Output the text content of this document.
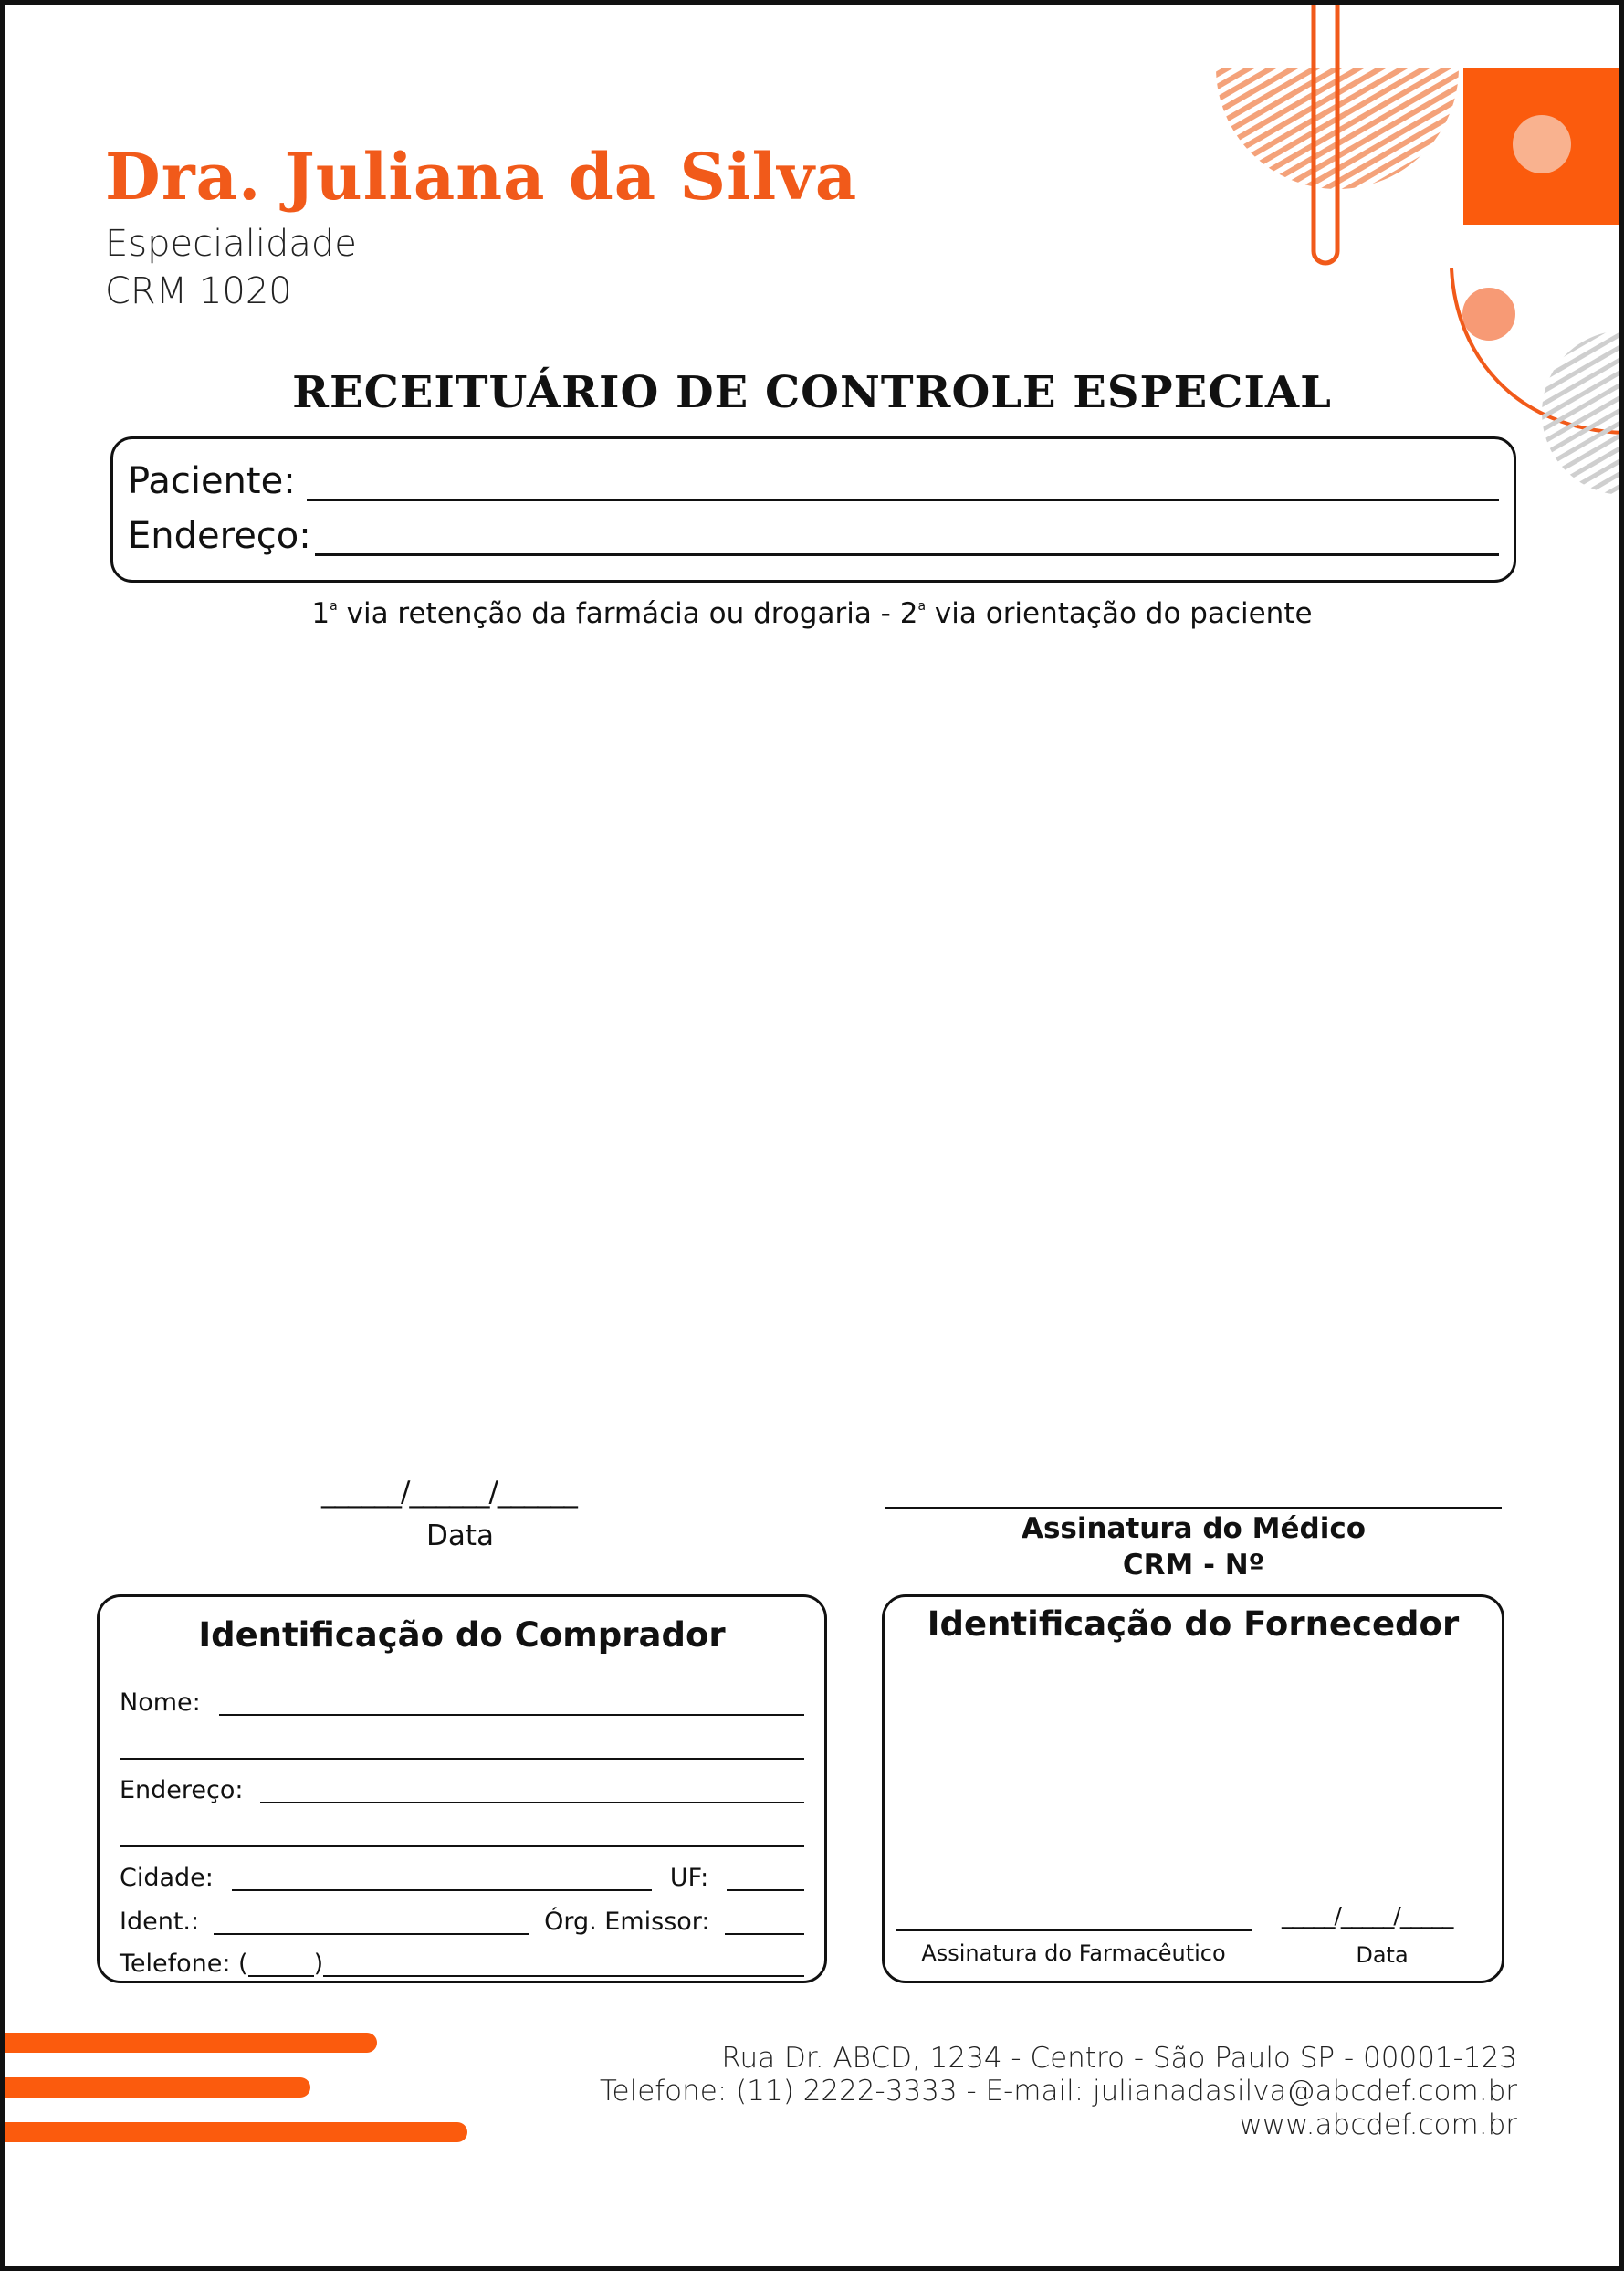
Dra. Juliana da Silva
Especialidade
CRM 1020
RECEITUÁRIO DE CONTROLE ESPECIAL
Paciente:
Endereço:
1$^a$ via retenção da farmácia ou drogaria - 2$^a$ via orientação do paciente
______/______/______
Data	Assinatura do Médico
CRM - Nº
Identificação do Comprador
Nome:
Endereço:
Cidade:	UF:
Ident.:	Órg. Emissor:
Telefone: (	)
Identificação do Fornecedor
Assinatura do Farmacêutico
_____/_____/_____
Data
Rua Dr. ABCD, 1234 - Centro - São Paulo SP - 00001-123
Telefone: (11) 2222-3333 - E-mail: julianadasilva@abcdef.com.br
www.abcdef.com.br
